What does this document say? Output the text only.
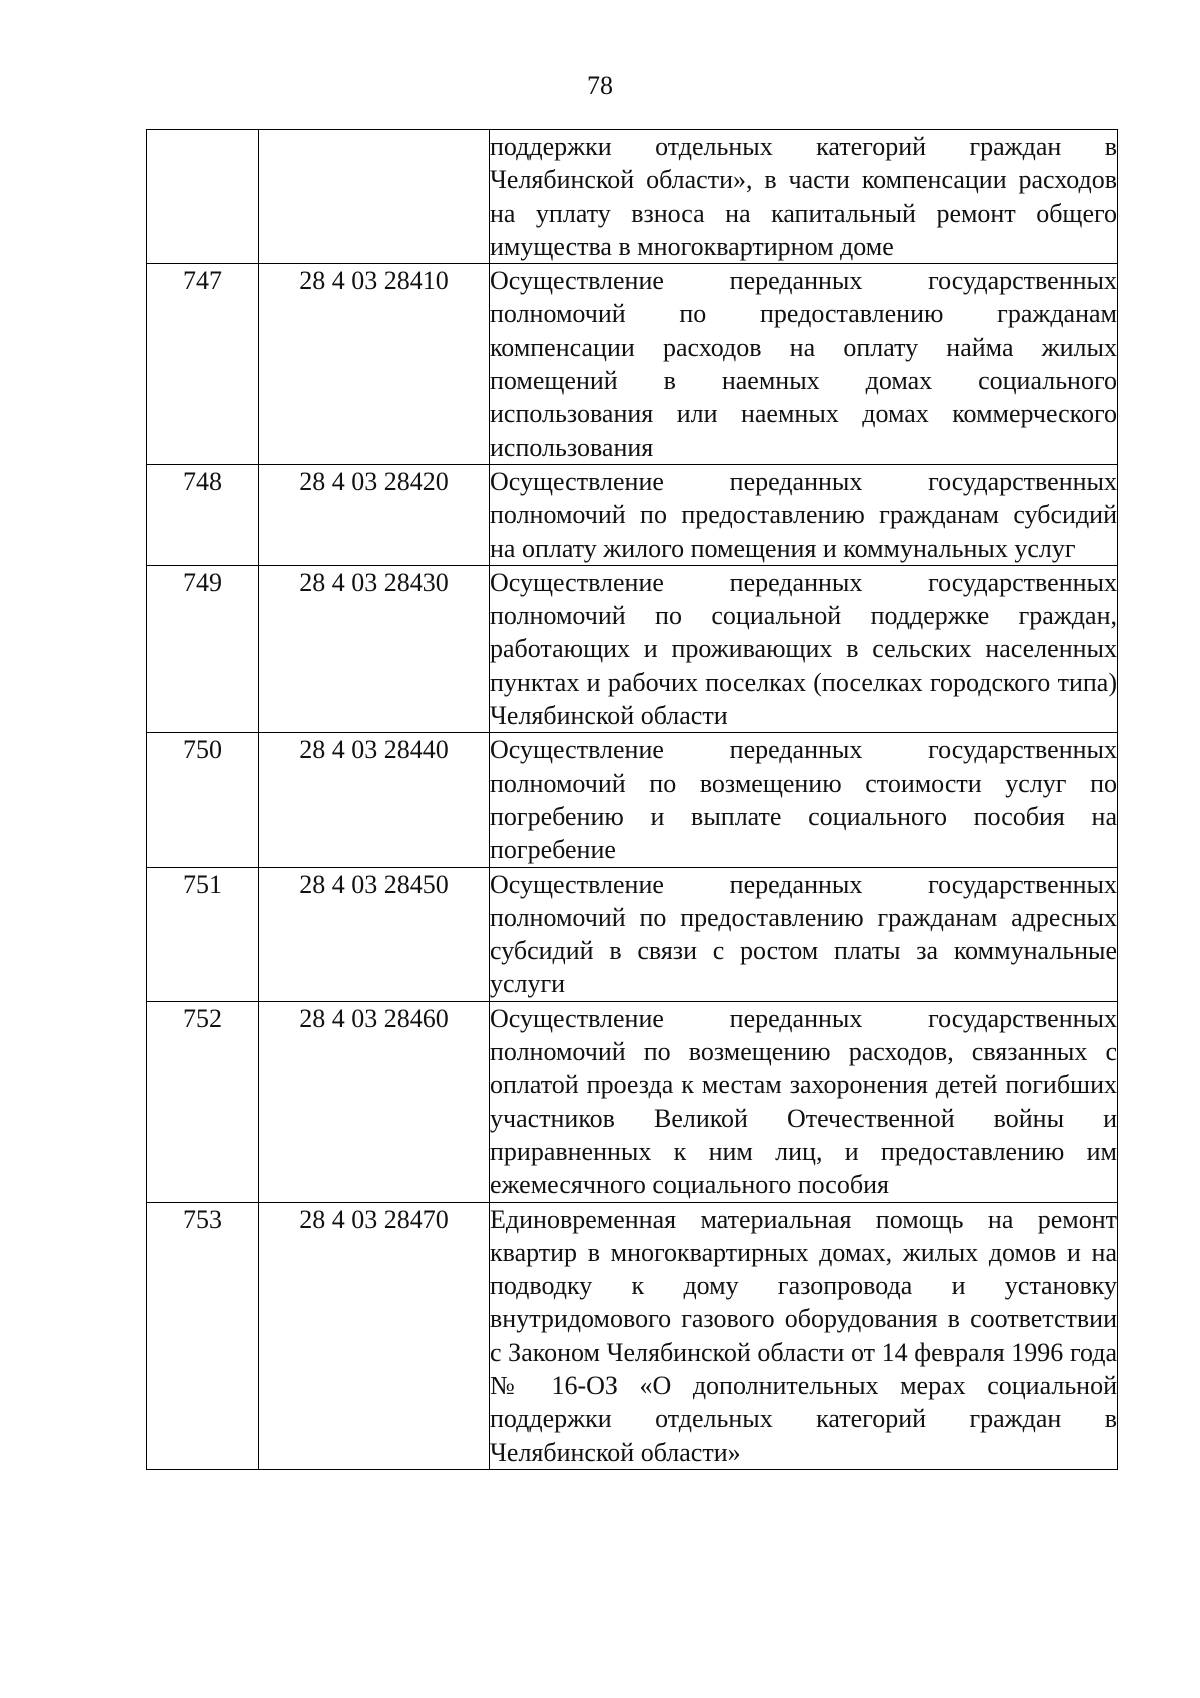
78
		поддержки отдельных категорий граждан в Челябинской области», в части компенсации расходов на уплату взноса на капитальный ремонт общего имущества в многоквартирном доме
747	28 4 03 28410	Осуществление переданных государственных полномочий по предоставлению гражданам компенсации расходов на оплату найма жилых помещений в наемных домах социального использования или наемных домах коммерческого использования
748	28 4 03 28420	Осуществление переданных государственных полномочий по предоставлению гражданам субсидий на оплату жилого помещения и коммунальных услуг
749	28 4 03 28430	Осуществление переданных государственных полномочий по социальной поддержке граждан, работающих и проживающих в сельских населенных пунктах и рабочих поселках (поселках городского типа) Челябинской области
750	28 4 03 28440	Осуществление переданных государственных полномочий по возмещению стоимости услуг по погребению и выплате социального пособия на погребение
751	28 4 03 28450	Осуществление переданных государственных полномочий по предоставлению гражданам адресных субсидий в связи с ростом платы за коммунальные услуги
752	28 4 03 28460	Осуществление переданных государственных полномочий по возмещению расходов, связанных с оплатой проезда к местам захоронения детей погибших участников Великой Отечественной войны и приравненных к ним лиц, и предоставлению им ежемесячного социального пособия
753	28 4 03 28470	Единовременная материальная помощь на ремонт квартир в многоквартирных домах, жилых домов и на подводку к дому газопровода и установку внутридомового газового оборудования в соответствии с Законом Челябинской области от 14 февраля 1996 года № 16-ОЗ «О дополнительных мерах социальной поддержки отдельных категорий граждан в Челябинской области»
